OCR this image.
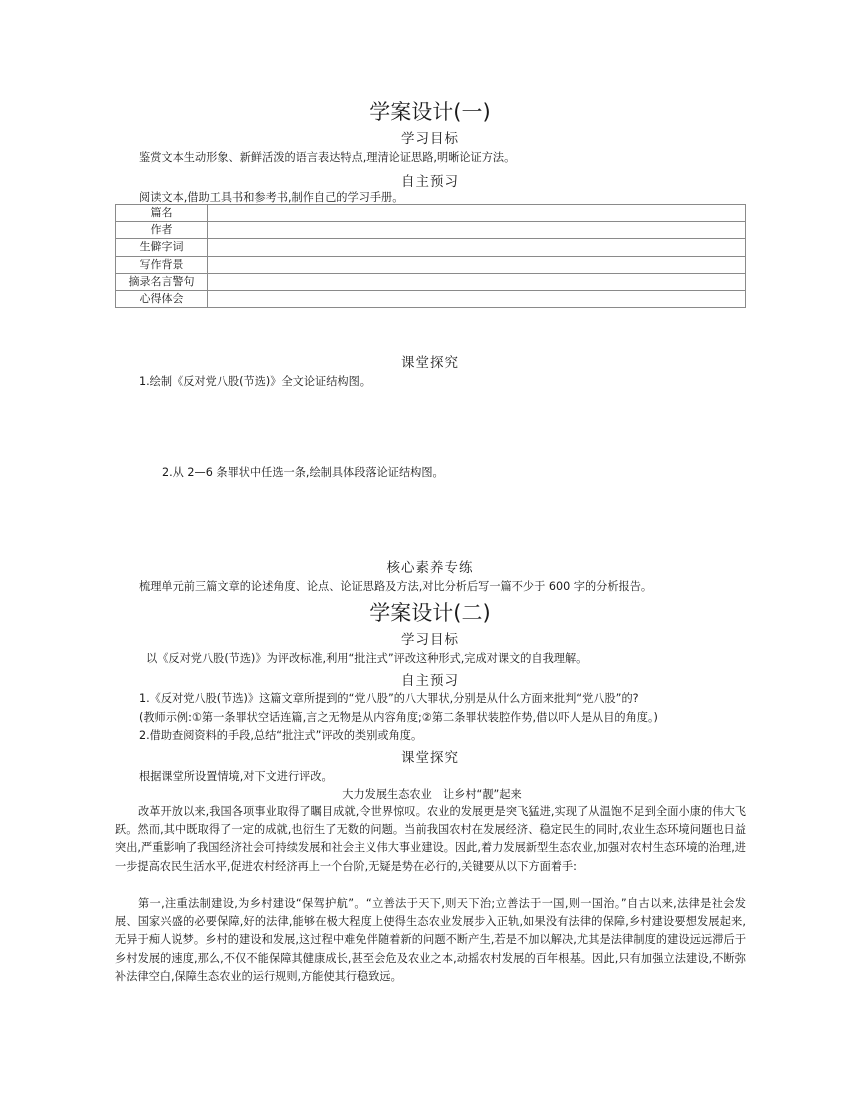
学案设计(一)
学习目标
鉴赏文本生动形象、新鲜活泼的语言表达特点,理清论证思路,明晰论证方法。
自主预习
阅读文本,借助工具书和参考书,制作自己的学习手册。
篇名	
作者	
生僻字词	
写作背景	
摘录名言警句	
心得体会	
课堂探究
1.绘制《反对党八股(节选)》全文论证结构图。
2.从 2—6 条罪状中任选一条,绘制具体段落论证结构图。
核心素养专练
梳理单元前三篇文章的论述角度、论点、论证思路及方法,对比分析后写一篇不少于 600 字的分析报告。
学案设计(二)
学习目标
以《反对党八股(节选)》为评改标准,利用“批注式”评改这种形式,完成对课文的自我理解。
自主预习
1.《反对党八股(节选)》这篇文章所提到的“党八股”的八大罪状,分别是从什么方面来批判“党八股”的?
(教师示例:①第一条罪状空话连篇,言之无物是从内容角度;②第二条罪状装腔作势,借以吓人是从目的角度。)
2.借助查阅资料的手段,总结“批注式”评改的类别或角度。
课堂探究
根据课堂所设置情境,对下文进行评改。
大力发展生态农业　让乡村“靓”起来
改革开放以来,我国各项事业取得了瞩目成就,令世界惊叹。农业的发展更是突飞猛进,实现了从温饱不足到全面小康的伟大飞跃。然而,其中既取得了一定的成就,也衍生了无数的问题。当前我国农村在发展经济、稳定民生的同时,农业生态环境问题也日益突出,严重影响了我国经济社会可持续发展和社会主义伟大事业建设。因此,着力发展新型生态农业,加强对农村生态环境的治理,进一步提高农民生活水平,促进农村经济再上一个台阶,无疑是势在必行的,关键要从以下方面着手:
第一,注重法制建设,为乡村建设“保驾护航”。“立善法于天下,则天下治;立善法于一国,则一国治。”自古以来,法律是社会发展、国家兴盛的必要保障,好的法律,能够在极大程度上使得生态农业发展步入正轨,如果没有法律的保障,乡村建设要想发展起来,无异于痴人说梦。乡村的建设和发展,这过程中难免伴随着新的问题不断产生,若是不加以解决,尤其是法律制度的建设远远滞后于乡村发展的速度,那么,不仅不能保障其健康成长,甚至会危及农业之本,动摇农村发展的百年根基。因此,只有加强立法建设,不断弥补法律空白,保障生态农业的运行规则,方能使其行稳致远。
